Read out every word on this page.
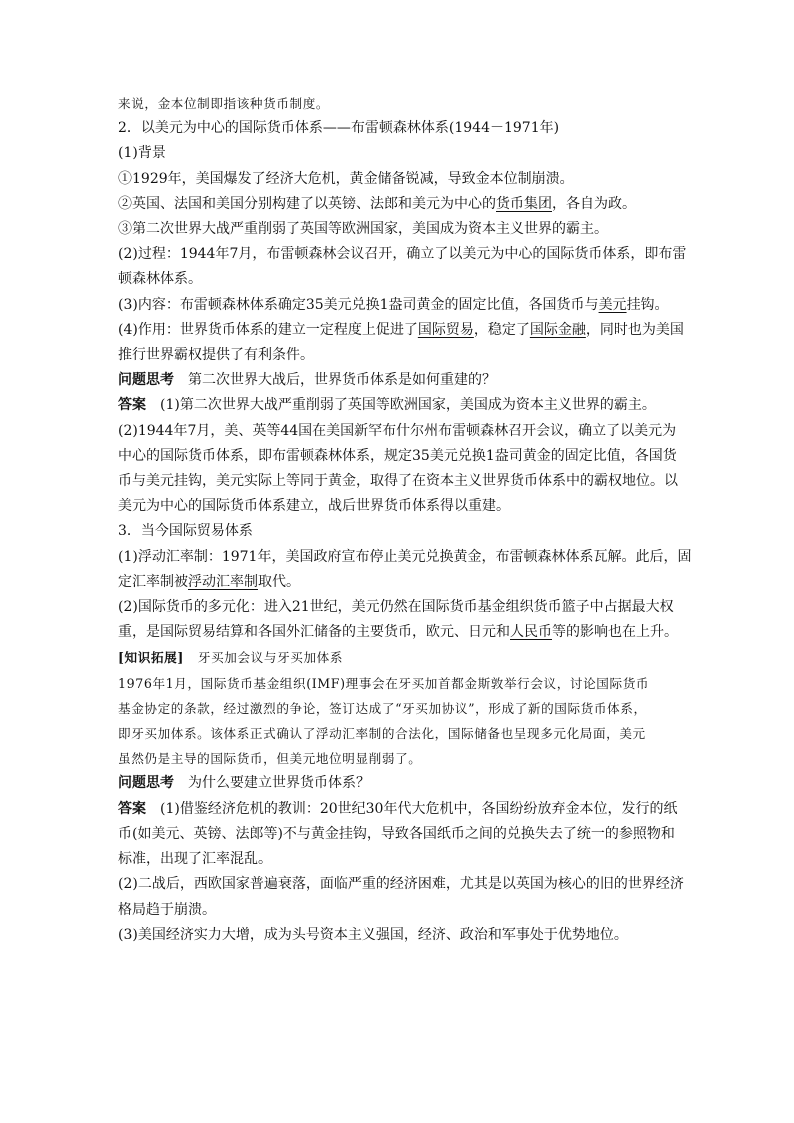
来说，金本位制即指该种货币制度。
2．以美元为中心的国际货币体系——布雷顿森林体系(1944－1971年)
(1)背景
①1929年，美国爆发了经济大危机，黄金储备锐减，导致金本位制崩溃。
②英国、法国和美国分别构建了以英镑、法郎和美元为中心的货币集团，各自为政。
③第二次世界大战严重削弱了英国等欧洲国家，美国成为资本主义世界的霸主。
(2)过程：1944年7月，布雷顿森林会议召开，确立了以美元为中心的国际货币体系，即布雷
顿森林体系。
(3)内容：布雷顿森林体系确定35美元兑换1盎司黄金的固定比值，各国货币与美元挂钩。
(4)作用：世界货币体系的建立一定程度上促进了国际贸易，稳定了国际金融，同时也为美国
推行世界霸权提供了有利条件。
问题思考 第二次世界大战后，世界货币体系是如何重建的？
答案 (1)第二次世界大战严重削弱了英国等欧洲国家，美国成为资本主义世界的霸主。
(2)1944年7月，美、英等44国在美国新罕布什尔州布雷顿森林召开会议，确立了以美元为
中心的国际货币体系，即布雷顿森林体系，规定35美元兑换1盎司黄金的固定比值，各国货
币与美元挂钩，美元实际上等同于黄金，取得了在资本主义世界货币体系中的霸权地位。以
美元为中心的国际货币体系建立，战后世界货币体系得以重建。
3．当今国际贸易体系
(1)浮动汇率制：1971年，美国政府宣布停止美元兑换黄金，布雷顿森林体系瓦解。此后，固
定汇率制被浮动汇率制取代。
(2)国际货币的多元化：进入21世纪，美元仍然在国际货币基金组织货币篮子中占据最大权
重，是国际贸易结算和各国外汇储备的主要货币，欧元、日元和人民币等的影响也在上升。
[知识拓展] 牙买加会议与牙买加体系
1976年1月，国际货币基金组织(IMF)理事会在牙买加首都金斯敦举行会议，讨论国际货币
基金协定的条款，经过激烈的争论，签订达成了“牙买加协议”，形成了新的国际货币体系，
即牙买加体系。该体系正式确认了浮动汇率制的合法化，国际储备也呈现多元化局面，美元
虽然仍是主导的国际货币，但美元地位明显削弱了。
问题思考 为什么要建立世界货币体系？
答案 (1)借鉴经济危机的教训：20世纪30年代大危机中，各国纷纷放弃金本位，发行的纸
币(如美元、英镑、法郎等)不与黄金挂钩，导致各国纸币之间的兑换失去了统一的参照物和
标准，出现了汇率混乱。
(2)二战后，西欧国家普遍衰落，面临严重的经济困难，尤其是以英国为核心的旧的世界经济
格局趋于崩溃。
(3)美国经济实力大增，成为头号资本主义强国，经济、政治和军事处于优势地位。
